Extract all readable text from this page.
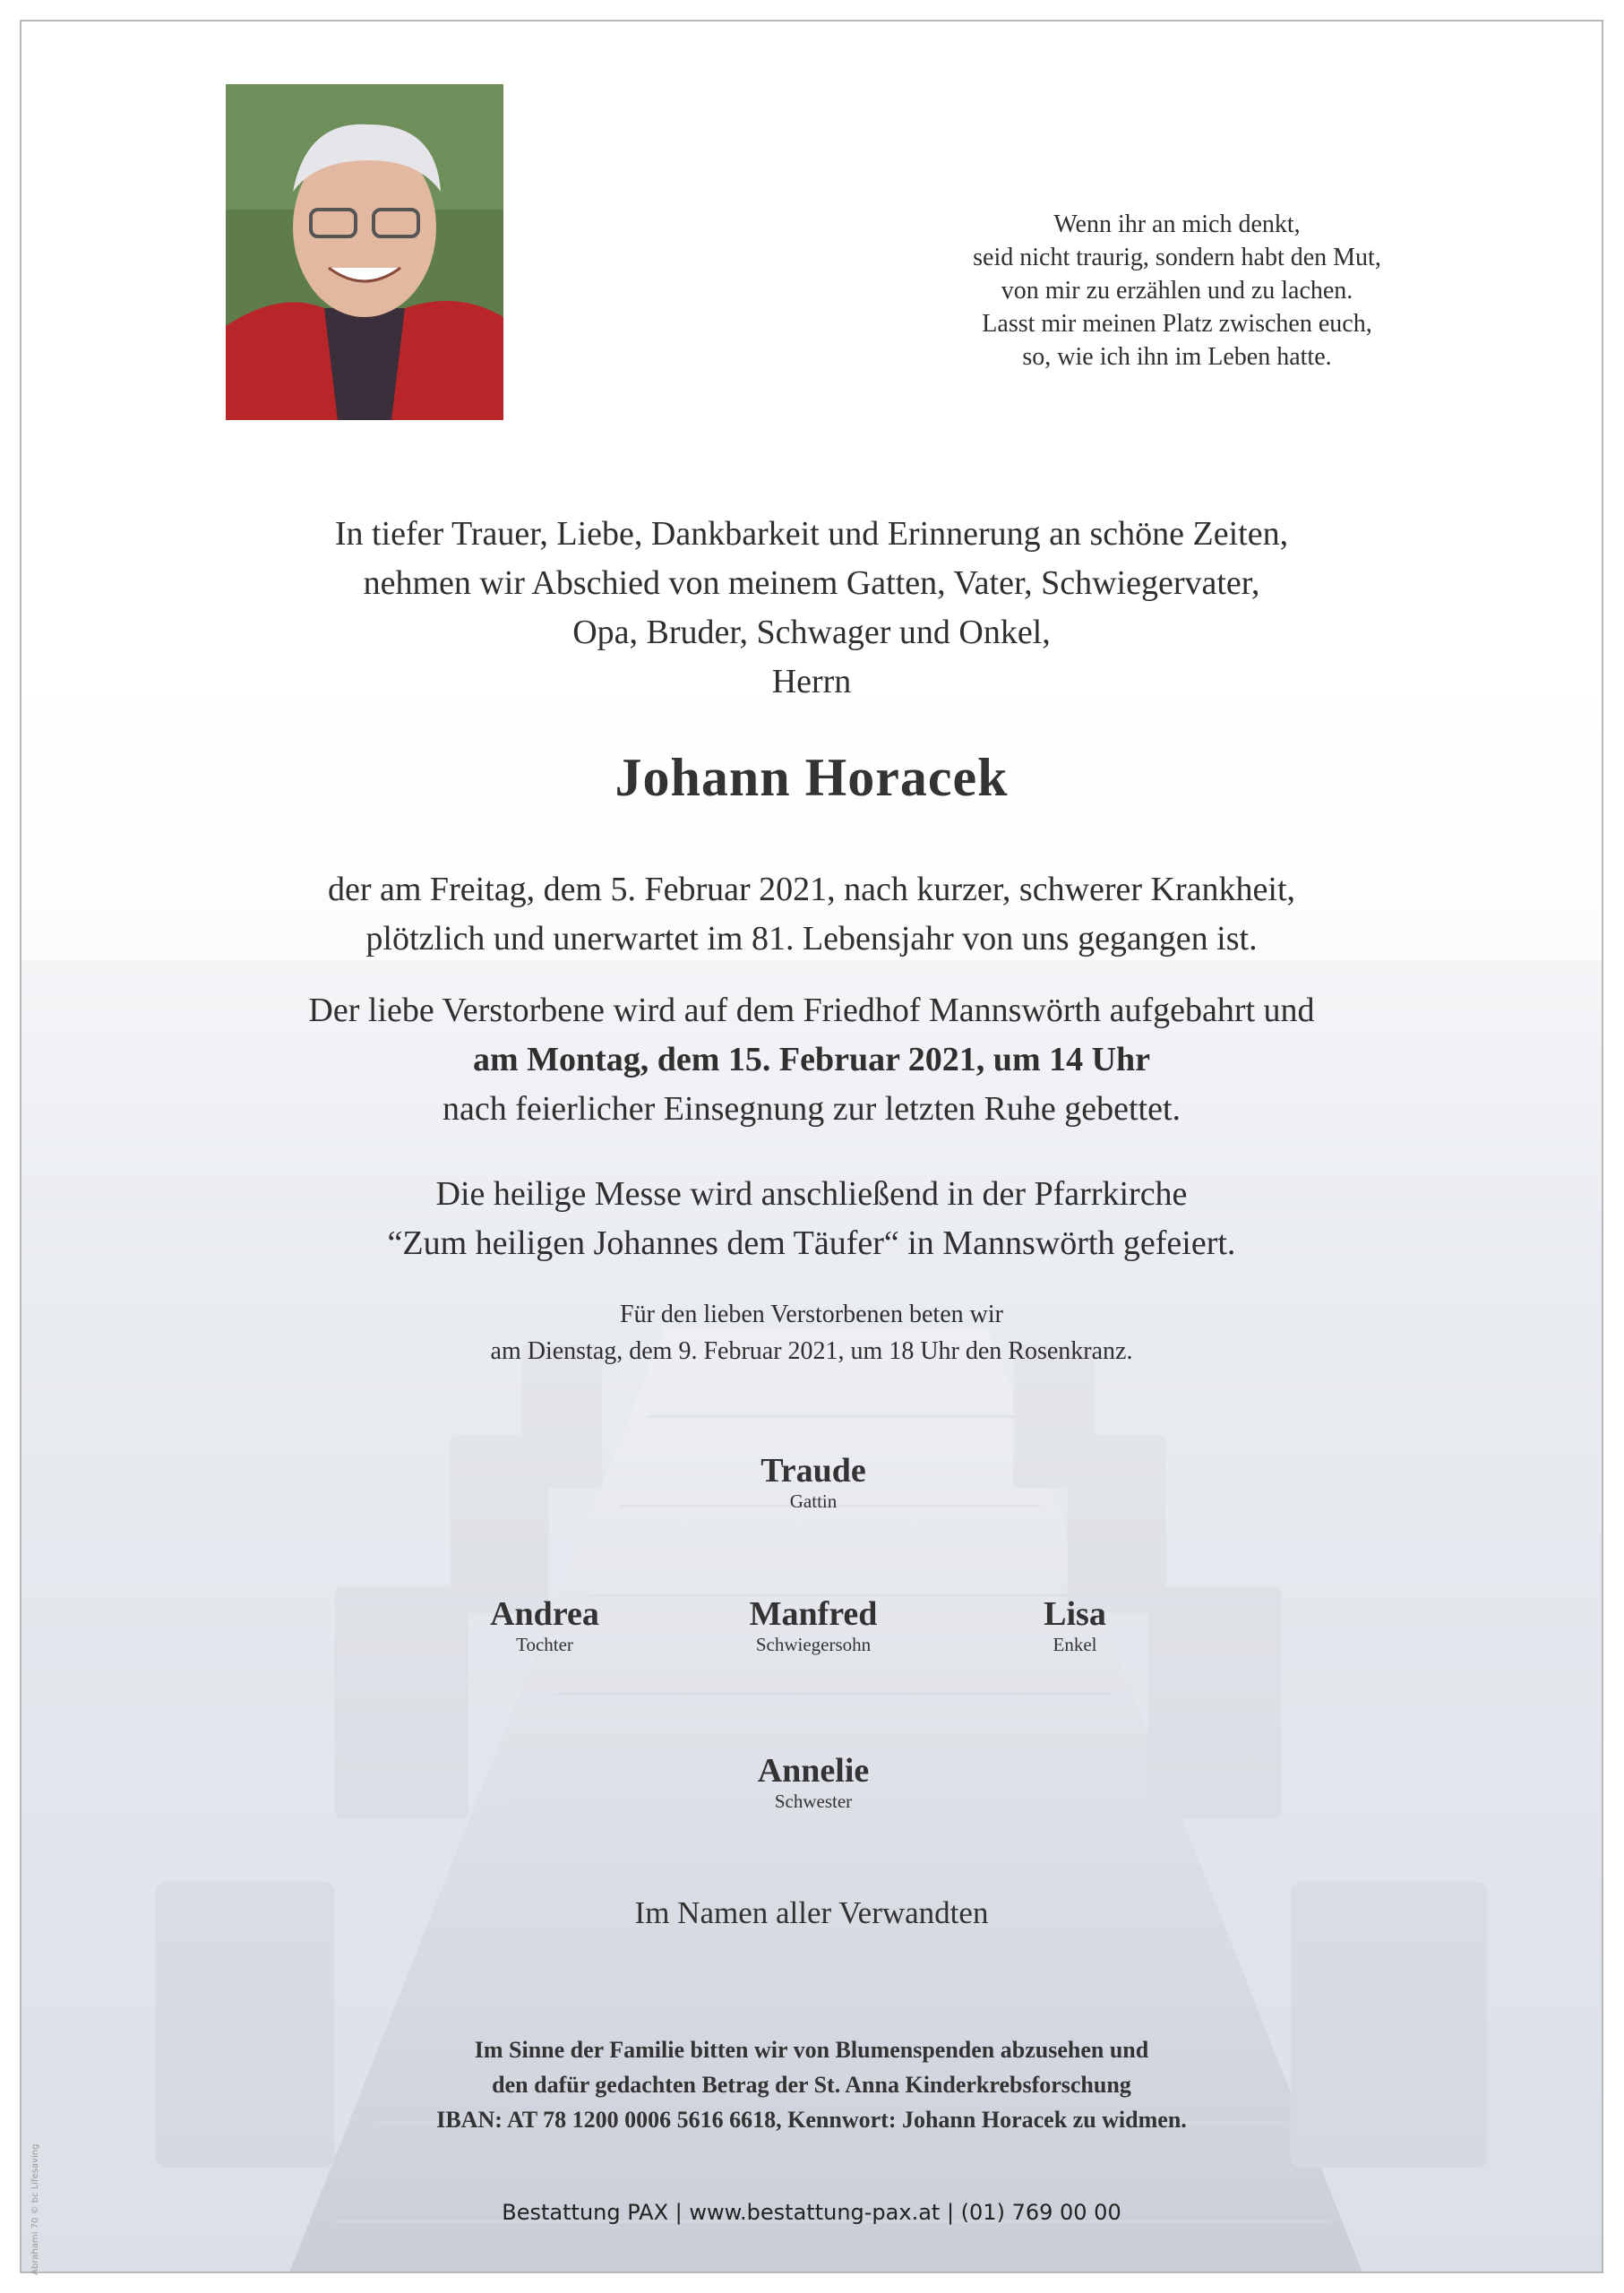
Wenn ihr an mich denkt,
seid nicht traurig, sondern habt den Mut,
von mir zu erzählen und zu lachen.
Lasst mir meinen Platz zwischen euch,
so, wie ich ihn im Leben hatte.
In tiefer Trauer, Liebe, Dankbarkeit und Erinnerung an schöne Zeiten,
nehmen wir Abschied von meinem Gatten, Vater, Schwiegervater,
Opa, Bruder, Schwager und Onkel,
Herrn
Johann Horacek
der am Freitag, dem 5. Februar 2021, nach kurzer, schwerer Krankheit,
plötzlich und unerwartet im 81. Lebensjahr von uns gegangen ist.
Der liebe Verstorbene wird auf dem Friedhof Mannswörth aufgebahrt und
am Montag, dem 15. Februar 2021, um 14 Uhr
nach feierlicher Einsegnung zur letzten Ruhe gebettet.
Die heilige Messe wird anschließend in der Pfarrkirche
“Zum heiligen Johannes dem Täufer“ in Mannswörth gefeiert.
Für den lieben Verstorbenen beten wir
am Dienstag, dem 9. Februar 2021, um 18 Uhr den Rosenkranz.
Traude
Gattin
Andrea
Tochter
Manfred
Schwiegersohn
Lisa
Enkel
Annelie
Schwester
Im Namen aller Verwandten
Im Sinne der Familie bitten wir von Blumenspenden abzusehen und
den dafür gedachten Betrag der St. Anna Kinderkrebsforschung
IBAN: AT 78 1200 0006 5616 6618, Kennwort: Johann Horacek zu widmen.
Bestattung PAX | www.bestattung-pax.at | (01) 769 00 00
Abrahami 70 © bc Lifesaving
